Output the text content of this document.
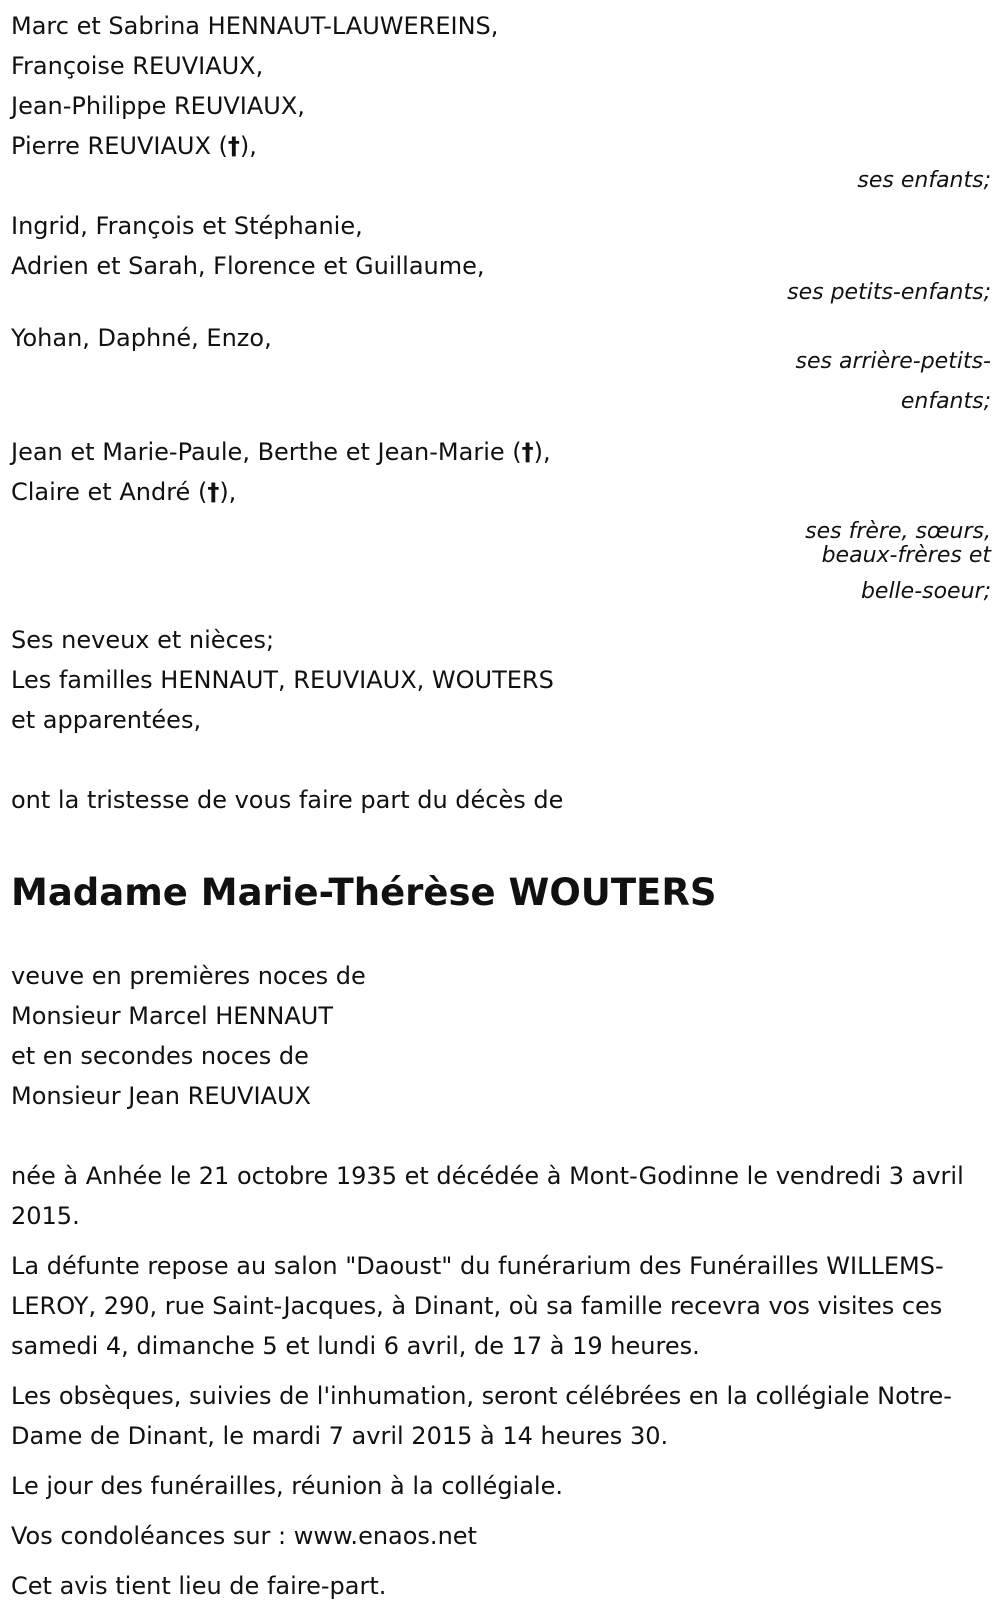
Marc et Sabrina HENNAUT-LAUWEREINS,
Françoise REUVIAUX,
Jean-Philippe REUVIAUX,
Pierre REUVIAUX (†),
ses enfants;
Ingrid, François et Stéphanie,
Adrien et Sarah, Florence et Guillaume,
ses petits-enfants;
Yohan, Daphné, Enzo,
ses arrière-petits-
enfants;
Jean et Marie-Paule, Berthe et Jean-Marie (†),
Claire et André (†),
ses frère, sœurs,
beaux-frères et
belle-soeur;
Ses neveux et nièces;
Les familles HENNAUT, REUVIAUX, WOUTERS
et apparentées,
ont la tristesse de vous faire part du décès de
Madame Marie-Thérèse WOUTERS
veuve en premières noces de
Monsieur Marcel HENNAUT
et en secondes noces de
Monsieur Jean REUVIAUX

née à Anhée le 21 octobre 1935 et décédée à Mont-Godinne le vendredi 3 avril 2015.

La défunte repose au salon "Daoust" du funérarium des Funérailles WILLEMS-LEROY, 290, rue Saint-Jacques, à Dinant, où sa famille recevra vos visites ces samedi 4, dimanche 5 et lundi 6 avril, de 17 à 19 heures.

Les obsèques, suivies de l'inhumation, seront célébrées en la collégiale Notre-Dame de Dinant, le mardi 7 avril 2015 à 14 heures 30.

Le jour des funérailles, réunion à la collégiale.

Vos condoléances sur : www.enaos.net

Cet avis tient lieu de faire-part.
